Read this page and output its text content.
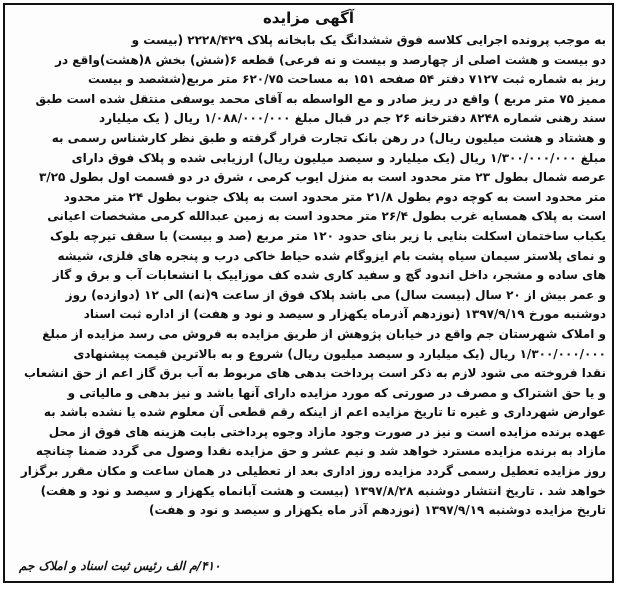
آگهی مزایده
به موجب پرونده اجرایی کلاسه فوق ششدانگ یک بابخانه پلاک ۲۲۲۸/۴۲۹ (بیست و
دو بیست و هشت اصلی از چهارصد و بیست و نه فرعی) قطعه ۶(شش) بخش ۸(هشت)واقع در
ریز به شماره ثبت ۷۱۲۷ دفتر ۵۴ صفحه ۱۵۱ به مساحت ۶۲۰/۷۵ متر مربع(ششصد و بیست
ممیز ۷۵ متر مربع ) واقع در ریز صادر و مع الواسطه به آقای محمد یوسفی منتقل شده است طبق
سند رهنی شماره ۸۲۴۸ دفترخانه ۲۶ جم در قبال مبلغ ۱/۰۸۸/۰۰۰/۰۰۰ ریال ( یک میلیارد
و هشتاد و هشت میلیون ریال) در رهن بانک تجارت قرار گرفته و طبق نظر کارشناس رسمی به
مبلغ ۱/۳۰۰/۰۰۰/۰۰۰ ریال (یک میلیارد و سیصد میلیون ریال) ارزیابی شده و پلاک فوق دارای
عرصه شمال بطول ۲۳ متر محدود است به منزل ایوب کرمی ، شرق در دو قسمت اول بطول ۳/۲۵
متر محدود است به کوچه دوم بطول ۲۱/۸ متر محدود است به پلاک جنوب بطول ۲۴ متر محدود
است به پلاک همسایه غرب بطول ۲۶/۴ متر محدود است به زمین عبدالله کرمی مشخصات اعیانی
یکباب ساختمان اسکلت بنایی با زیر بنای حدود ۱۲۰ متر مربع (صد و بیست) با سقف تیرچه بلوک
و نمای پلاستر سیمان سیاه پشت بام ایزوگام شده حیاط خاکی درب و پنجره های فلزی، شیشه
های ساده و مشجر، داخل اندود گچ و سفید کاری شده کف موزاییک با انشعابات آب و برق و گاز
و عمر بیش از ۲۰ سال (بیست سال) می باشد پلاک فوق از ساعت ۹(نه) الی ۱۲ (دوازده) روز
دوشنبه مورخ ۱۳۹۷/۹/۱۹ (نوزدهم آذرماه یکهزار و سیصد و نود و هفت) از اداره ثبت اسناد
و املاک شهرستان جم واقع در خیابان پژوهش از طریق مزایده به فروش می رسد مزایده از مبلغ
۱/۳۰۰/۰۰۰/۰۰۰ ریال (یک میلیارد و سیصد میلیون ریال) شروع و به بالاترین قیمت پیشنهادی
نقدا فروخته می شود لازم به ذکر است پرداخت بدهی های مربوط به آب برق گاز اعم از حق انشعاب
و یا حق اشتراک و مصرف در صورتی که مورد مزایده دارای آنها باشد و نیز بدهی و مالیاتی و
عوارض شهرداری و غیره تا تاریخ مزایده اعم از اینکه رقم قطعی آن معلوم شده یا نشده باشد به
عهده برنده مزایده است و نیز در صورت وجود مازاد وجوه پرداختی بابت هزینه های فوق از محل
مازاد به برنده مزایده مسترد خواهد شد و نیم عشر و حق مزایده نقدا وصول می گردد ضمنا چنانچه
روز مزایده تعطیل رسمی گردد مزایده روز اداری بعد از تعطیلی در همان ساعت و مکان مقرر برگزار
خواهد شد . تاریخ انتشار دوشنبه ۱۳۹۷/۸/۲۸ (بیست و هشت آبانماه یکهزار و سیصد و نود و هفت)
تاریخ مزایده دوشنبه ۱۳۹۷/۹/۱۹ (نوزدهم آذر ماه یکهزار و سیصد و نود و هفت)
۴۱۰/م الف رئیس ثبت اسناد و املاک جم
